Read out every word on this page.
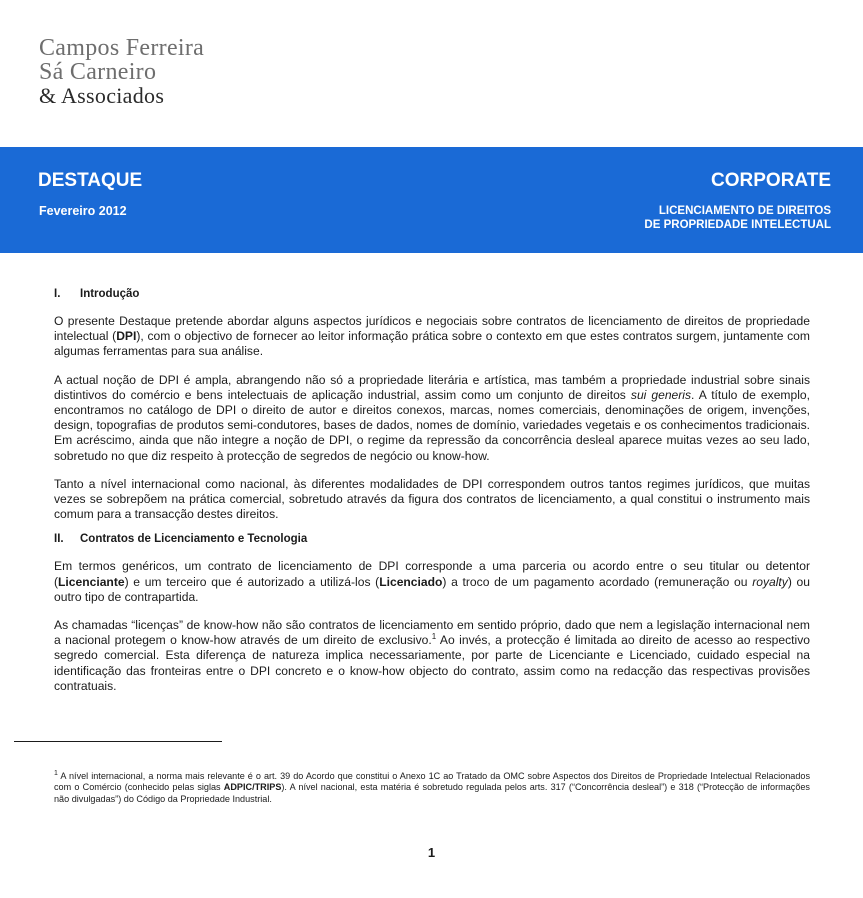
Campos Ferreira
Sá Carneiro
& Associados
DESTAQUE
Fevereiro 2012
CORPORATE
LICENCIAMENTO DE DIREITOS
DE PROPRIEDADE INTELECTUAL
I. Introdução

O presente Destaque pretende abordar alguns aspectos jurídicos e negociais sobre contratos de licenciamento de direitos de propriedade intelectual (DPI), com o objectivo de fornecer ao leitor informação prática sobre o contexto em que estes contratos surgem, juntamente com algumas ferramentas para sua análise.

A actual noção de DPI é ampla, abrangendo não só a propriedade literária e artística, mas também a propriedade industrial sobre sinais distintivos do comércio e bens intelectuais de aplicação industrial, assim como um conjunto de direitos sui generis. A título de exemplo, encontramos no catálogo de DPI o direito de autor e direitos conexos, marcas, nomes comerciais, denominações de origem, invenções, design, topografias de produtos semi-condutores, bases de dados, nomes de domínio, variedades vegetais e os conhecimentos tradicionais. Em acréscimo, ainda que não integre a noção de DPI, o regime da repressão da concorrência desleal aparece muitas vezes ao seu lado, sobretudo no que diz respeito à protecção de segredos de negócio ou know-how.

Tanto a nível internacional como nacional, às diferentes modalidades de DPI correspondem outros tantos regimes jurídicos, que muitas vezes se sobrepõem na prática comercial, sobretudo através da figura dos contratos de licenciamento, a qual constitui o instrumento mais comum para a transacção destes direitos.

II. Contratos de Licenciamento e Tecnologia

Em termos genéricos, um contrato de licenciamento de DPI corresponde a uma parceria ou acordo entre o seu titular ou detentor (Licenciante) e um terceiro que é autorizado a utilizá-los (Licenciado) a troco de um pagamento acordado (remuneração ou royalty) ou outro tipo de contrapartida.

As chamadas “licenças” de know-how não são contratos de licenciamento em sentido próprio, dado que nem a legislação internacional nem a nacional protegem o know-how através de um direito de exclusivo.$^1$ Ao invés, a protecção é limitada ao direito de acesso ao respectivo segredo comercial. Esta diferença de natureza implica necessariamente, por parte de Licenciante e Licenciado, cuidado especial na identificação das fronteiras entre o DPI concreto e o know-how objecto do contrato, assim como na redacção das respectivas provisões contratuais.

$^1$ A nível internacional, a norma mais relevante é o art. 39 do Acordo que constitui o Anexo 1C ao Tratado da OMC sobre Aspectos dos Direitos de Propriedade Intelectual Relacionados com o Comércio (conhecido pelas siglas ADPIC/TRIPS). A nível nacional, esta matéria é sobretudo regulada pelos arts. 317 (“Concorrência desleal”) e 318 (“Protecção de informações não divulgadas”) do Código da Propriedade Industrial.
1
